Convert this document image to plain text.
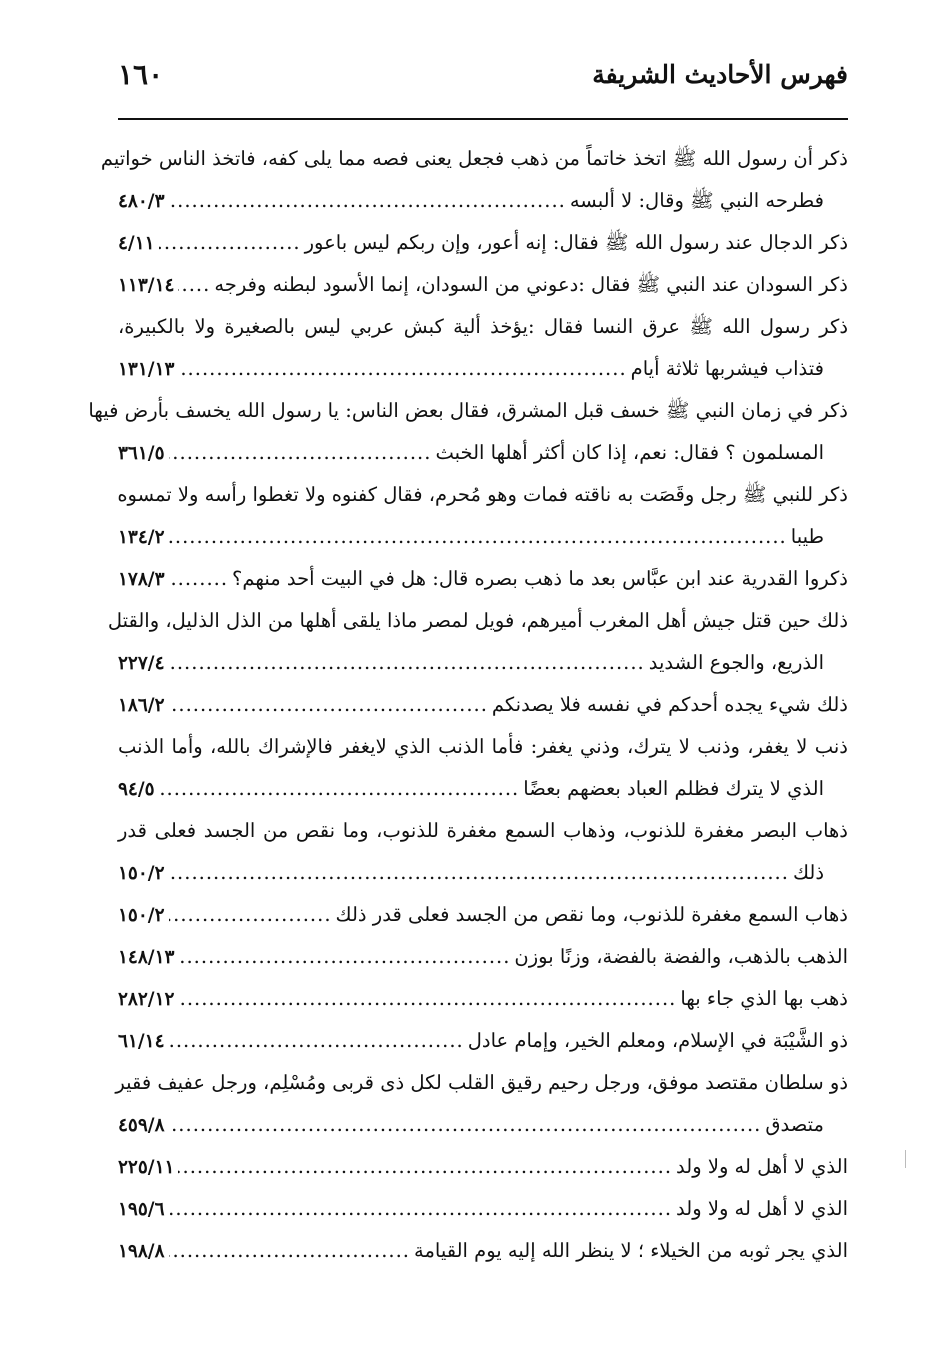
فهرس الأحاديث الشريفة
١٦٠
ذكر أن رسول الله ﷺ اتخذ خاتماً من ذهب فجعل يعنى فصه مما يلى كفه، فاتخذ الناس خواتيم
فطرحه النبي ﷺ وقال: لا ألبسه
.....
٤٨٠/٣
ذكر الدجال عند رسول الله ﷺ فقال: إنه أعور، وإن ربكم ليس باعور
.....
٤/١١
ذكر السودان عند النبي ﷺ فقال :دعوني من السودان، إنما الأسود لبطنه وفرجه
.....
١١٣/١٤
ذكر رسول الله ﷺ عرق النسا فقال :يؤخذ ألية كبش عربي ليس بالصغيرة ولا بالكبيرة،
فتذاب فيشربها ثلاثة أيام
.....
١٣١/١٣
ذكر في زمان النبي ﷺ خسف قبل المشرق، فقال بعض الناس: يا رسول الله يخسف بأرض فيها
المسلمون ؟ فقال: نعم، إذا كان أكثر أهلها الخبث
.....
٣٦١/٥
ذكر للنبي ﷺ رجل وقَصَت به ناقته فمات وهو مُحرم، فقال كفنوه ولا تغطوا رأسه ولا تمسوه
طيبا
.....
١٣٤/٢
ذكروا القدرية عند ابن عبَّاس بعد ما ذهب بصره قال: هل في البيت أحد منهم؟
.....
١٧٨/٣
ذلك حين قتل جيش أهل المغرب أميرهم، فويل لمصر ماذا يلقى أهلها من الذل الذليل، والقتل
الذريع، والجوع الشديد
.....
٢٢٧/٤
ذلك شيء يجده أحدكم في نفسه فلا يصدنكم
.....
١٨٦/٢
ذنب لا يغفر، وذنب لا يترك، وذني يغفر: فأما الذنب الذي لايغفر فالإشراك بالله، وأما الذنب
الذي لا يترك فظلم العباد بعضهم بعضًا
.....
٩٤/٥
ذهاب البصر مغفرة للذنوب، وذهاب السمع مغفرة للذنوب، وما نقص من الجسد فعلى قدر
ذلك
.....
١٥٠/٢
ذهاب السمع مغفرة للذنوب، وما نقص من الجسد فعلى قدر ذلك
.....
١٥٠/٢
الذهب بالذهب، والفضة بالفضة، وزنًا بوزن
.....
١٤٨/١٣
ذهب بها الذي جاء بها
.....
٢٨٢/١٢
ذو الشَّيْبَة في الإسلام، ومعلم الخير، وإمام عادل
.....
٦١/١٤
ذو سلطان مقتصد موفق، ورجل رحيم رقيق القلب لكل ذى قربى ومُسْلِم، ورجل عفيف فقير
متصدق
.....
٤٥٩/٨
الذي لا أهل له ولا ولد
.....
٢٢٥/١١
الذي لا أهل له ولا ولد
.....
١٩٥/٦
الذي يجر ثوبه من الخيلاء ؛ لا ينظر الله إليه يوم القيامة
.....
١٩٨/٨
